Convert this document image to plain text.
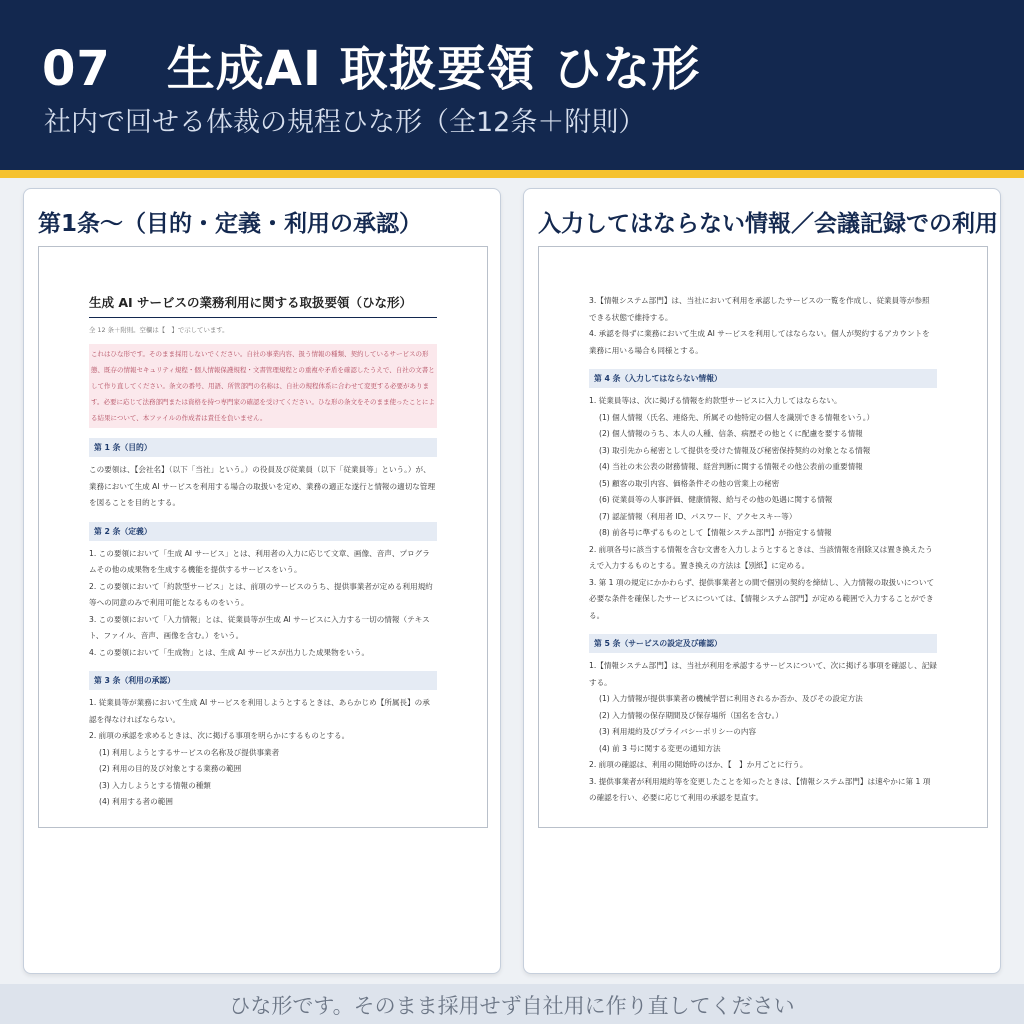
07 生成AI 取扱要領 ひな形
社内で回せる体裁の規程ひな形（全12条＋附則）
第1条〜（目的・定義・利用の承認）
生成 AI サービスの業務利用に関する取扱要領（ひな形）
全 12 条＋附則。空欄は【　】で示しています。
これはひな形です。そのまま採用しないでください。自社の事業内容、扱う情報の種類、契約しているサービスの形態、既存の情報セキュリティ規程・個人情報保護規程・文書管理規程との重複や矛盾を確認したうえで、自社の文書として作り直してください。条文の番号、用語、所管部門の名称は、自社の規程体系に合わせて変更する必要があります。必要に応じて法務部門または資格を持つ専門家の確認を受けてください。ひな形の条文をそのまま使ったことによる結果について、本ファイルの作成者は責任を負いません。
第 1 条（目的）

この要領は、【会社名】（以下「当社」という。）の役員及び従業員（以下「従業員等」という。）が、業務において生成 AI サービスを利用する場合の取扱いを定め、業務の適正な遂行と情報の適切な管理を図ることを目的とする。

第 2 条（定義）

1. この要領において「生成 AI サービス」とは、利用者の入力に応じて文章、画像、音声、プログラムその他の成果物を生成する機能を提供するサービスをいう。

2. この要領において「約款型サービス」とは、前項のサービスのうち、提供事業者が定める利用規約等への同意のみで利用可能となるものをいう。

3. この要領において「入力情報」とは、従業員等が生成 AI サービスに入力する一切の情報（テキスト、ファイル、音声、画像を含む。）をいう。

4. この要領において「生成物」とは、生成 AI サービスが出力した成果物をいう。

第 3 条（利用の承認）

1. 従業員等が業務において生成 AI サービスを利用しようとするときは、あらかじめ【所属長】の承認を得なければならない。

2. 前項の承認を求めるときは、次に掲げる事項を明らかにするものとする。

(1) 利用しようとするサービスの名称及び提供事業者

(2) 利用の目的及び対象とする業務の範囲

(3) 入力しようとする情報の種類

(4) 利用する者の範囲

入力してはならない情報／会議記録での利用

3.【情報システム部門】は、当社において利用を承認したサービスの一覧を作成し、従業員等が参照できる状態で維持する。

4. 承認を得ずに業務において生成 AI サービスを利用してはならない。個人が契約するアカウントを業務に用いる場合も同様とする。

第 4 条（入力してはならない情報）

1. 従業員等は、次に掲げる情報を約款型サービスに入力してはならない。

(1) 個人情報（氏名、連絡先、所属その他特定の個人を識別できる情報をいう。）

(2) 個人情報のうち、本人の人種、信条、病歴その他とくに配慮を要する情報

(3) 取引先から秘密として提供を受けた情報及び秘密保持契約の対象となる情報

(4) 当社の未公表の財務情報、経営判断に関する情報その他公表前の重要情報

(5) 顧客の取引内容、価格条件その他の営業上の秘密

(6) 従業員等の人事評価、健康情報、給与その他の処遇に関する情報

(7) 認証情報（利用者 ID、パスワード、アクセスキー等）

(8) 前各号に準ずるものとして【情報システム部門】が指定する情報

2. 前項各号に該当する情報を含む文書を入力しようとするときは、当該情報を削除又は置き換えたうえで入力するものとする。置き換えの方法は【別紙】に定める。

3. 第 1 項の規定にかかわらず、提供事業者との間で個別の契約を締結し、入力情報の取扱いについて必要な条件を確保したサービスについては、【情報システム部門】が定める範囲で入力することができる。

第 5 条（サービスの設定及び確認）

1.【情報システム部門】は、当社が利用を承認するサービスについて、次に掲げる事項を確認し、記録する。

(1) 入力情報が提供事業者の機械学習に利用されるか否か、及びその設定方法

(2) 入力情報の保存期間及び保存場所（国名を含む。）

(3) 利用規約及びプライバシーポリシーの内容

(4) 前 3 号に関する変更の通知方法

2. 前項の確認は、利用の開始時のほか、【　】か月ごとに行う。

3. 提供事業者が利用規約等を変更したことを知ったときは、【情報システム部門】は速やかに第 1 項の確認を行い、必要に応じて利用の承認を見直す。

ひな形です。そのまま採用せず自社用に作り直してください
